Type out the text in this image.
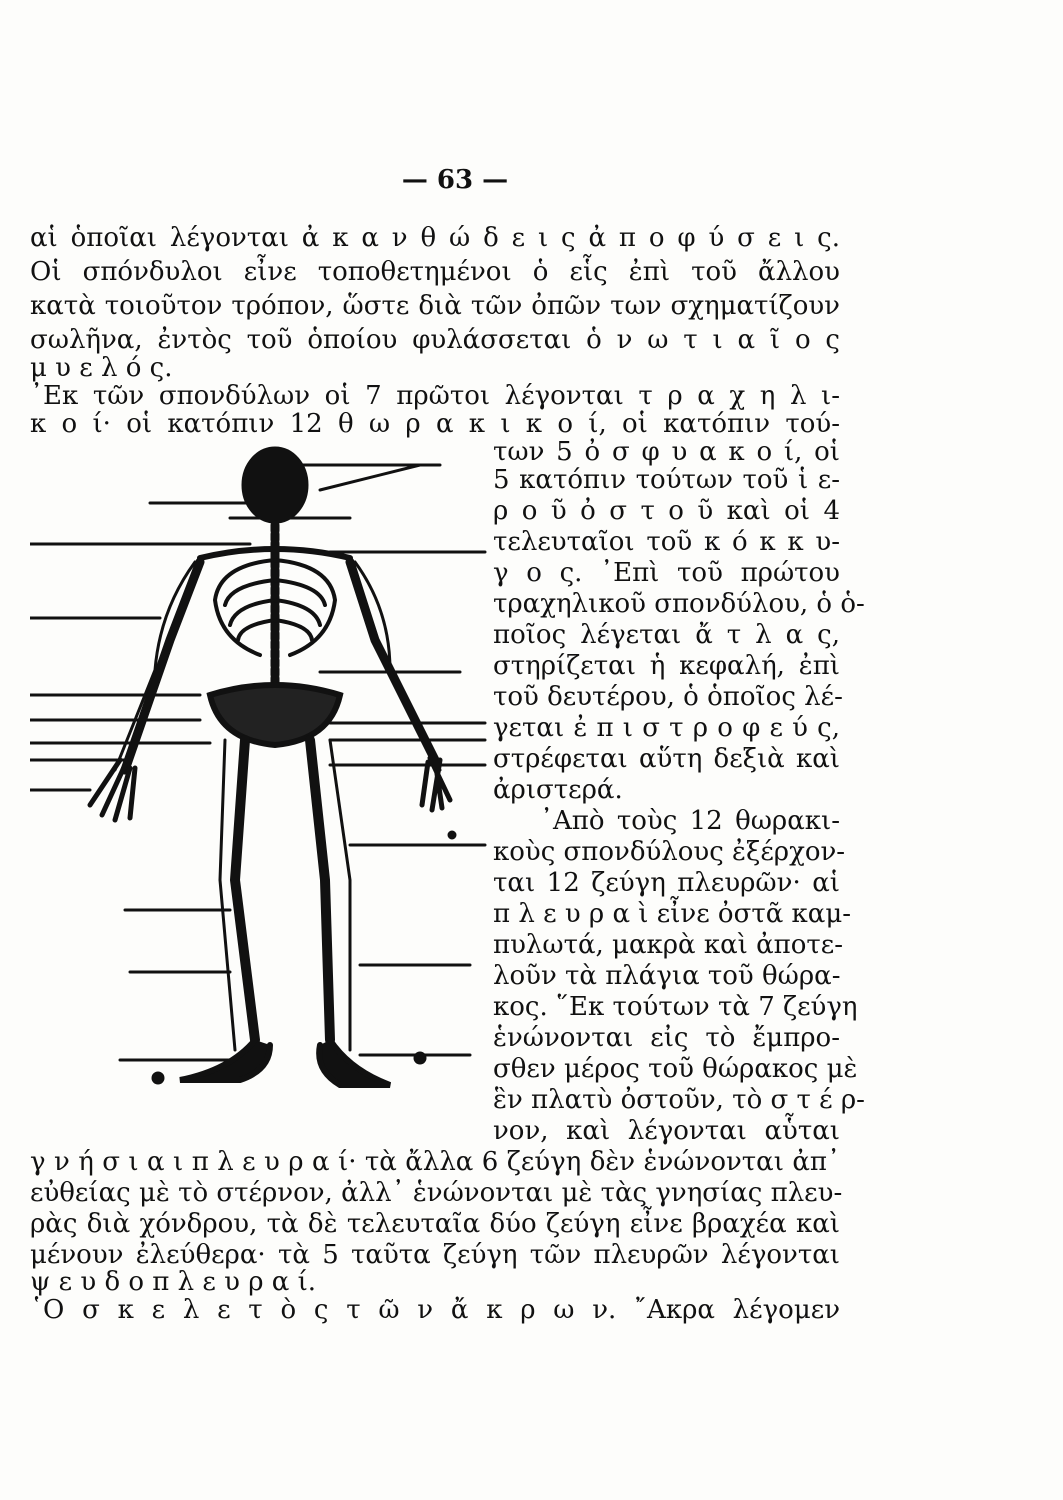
— 63 —
αἱ ὁποῖαι λέγονται ἀ κ α ν θ ώ δ ε ι ς ἀ π ο φ ύ σ ε ι ς.
Οἱ σπόνδυλοι εἶνε τοποθετημένοι ὁ εἷς ἐπὶ τοῦ ἄλλου
κατὰ τοιοῦτον τρόπον, ὥστε διὰ τῶν ὀπῶν των σχηματίζουν
σωλῆνα, ἐντὸς τοῦ ὁποίου φυλάσσεται ὁ ν ω τ ι α ῖ ο ς
μ υ ε λ ό ς.
᾿Εκ τῶν σπονδύλων οἱ 7 πρῶτοι λέγονται τ ρ α χ η λ ι-
κ ο ί· οἱ κατόπιν 12 θ ω ρ α κ ι κ ο ί, οἱ κατόπιν τού-
των 5 ὀ σ φ υ α κ ο ί, οἱ
5 κατόπιν τούτων τοῦ ἱ ε-
ρ ο ῦ ὀ σ τ ο ῦ καὶ οἱ 4
τελευταῖοι τοῦ κ ό κ κ υ-
γ ο ς. ᾿Επὶ τοῦ πρώτου
τραχηλικοῦ σπονδύλου, ὁ ὁ-
ποῖος λέγεται ἄ τ λ α ς,
στηρίζεται ἡ κεφαλή, ἐπὶ
τοῦ δευτέρου, ὁ ὁποῖος λέ-
γεται ἐ π ι σ τ ρ ο φ ε ύ ς,
στρέφεται αὕτη δεξιὰ καὶ
ἀριστερά.
᾿Απὸ τοὺς 12 θωρακι-
κοὺς σπονδύλους ἐξέρχον-
ται 12 ζεύγη πλευρῶν· αἱ
π λ ε υ ρ α ὶ εἶνε ὀστᾶ καμ-
πυλωτά, μακρὰ καὶ ἀποτε-
λοῦν τὰ πλάγια τοῦ θώρα-
κος. ῞Εκ τούτων τὰ 7 ζεύγη
ἑνώνονται εἰς τὸ ἔμπρο-
σθεν μέρος τοῦ θώρακος μὲ
ἓν πλατὺ ὀστοῦν, τὸ σ τ έ ρ-
νον, καὶ λέγονται αὗται
γ ν ή σ ι α ι π λ ε υ ρ α ί· τὰ ἄλλα 6 ζεύγη δὲν ἑνώνονται ἀπ᾿
εὐθείας μὲ τὸ στέρνον, ἀλλ᾿ ἑνώνονται μὲ τὰς γνησίας πλευ-
ρὰς διὰ χόνδρου, τὰ δὲ τελευταῖα δύο ζεύγη εἶνε βραχέα καὶ
μένουν ἐλεύθερα· τὰ 5 ταῦτα ζεύγη τῶν πλευρῶν λέγονται
ψ ε υ δ ο π λ ε υ ρ α ί.
῾Ο σ κ ε λ ε τ ὸ ς τ ῶ ν ἄ κ ρ ω ν. ῎Ακρα λέγομεν
